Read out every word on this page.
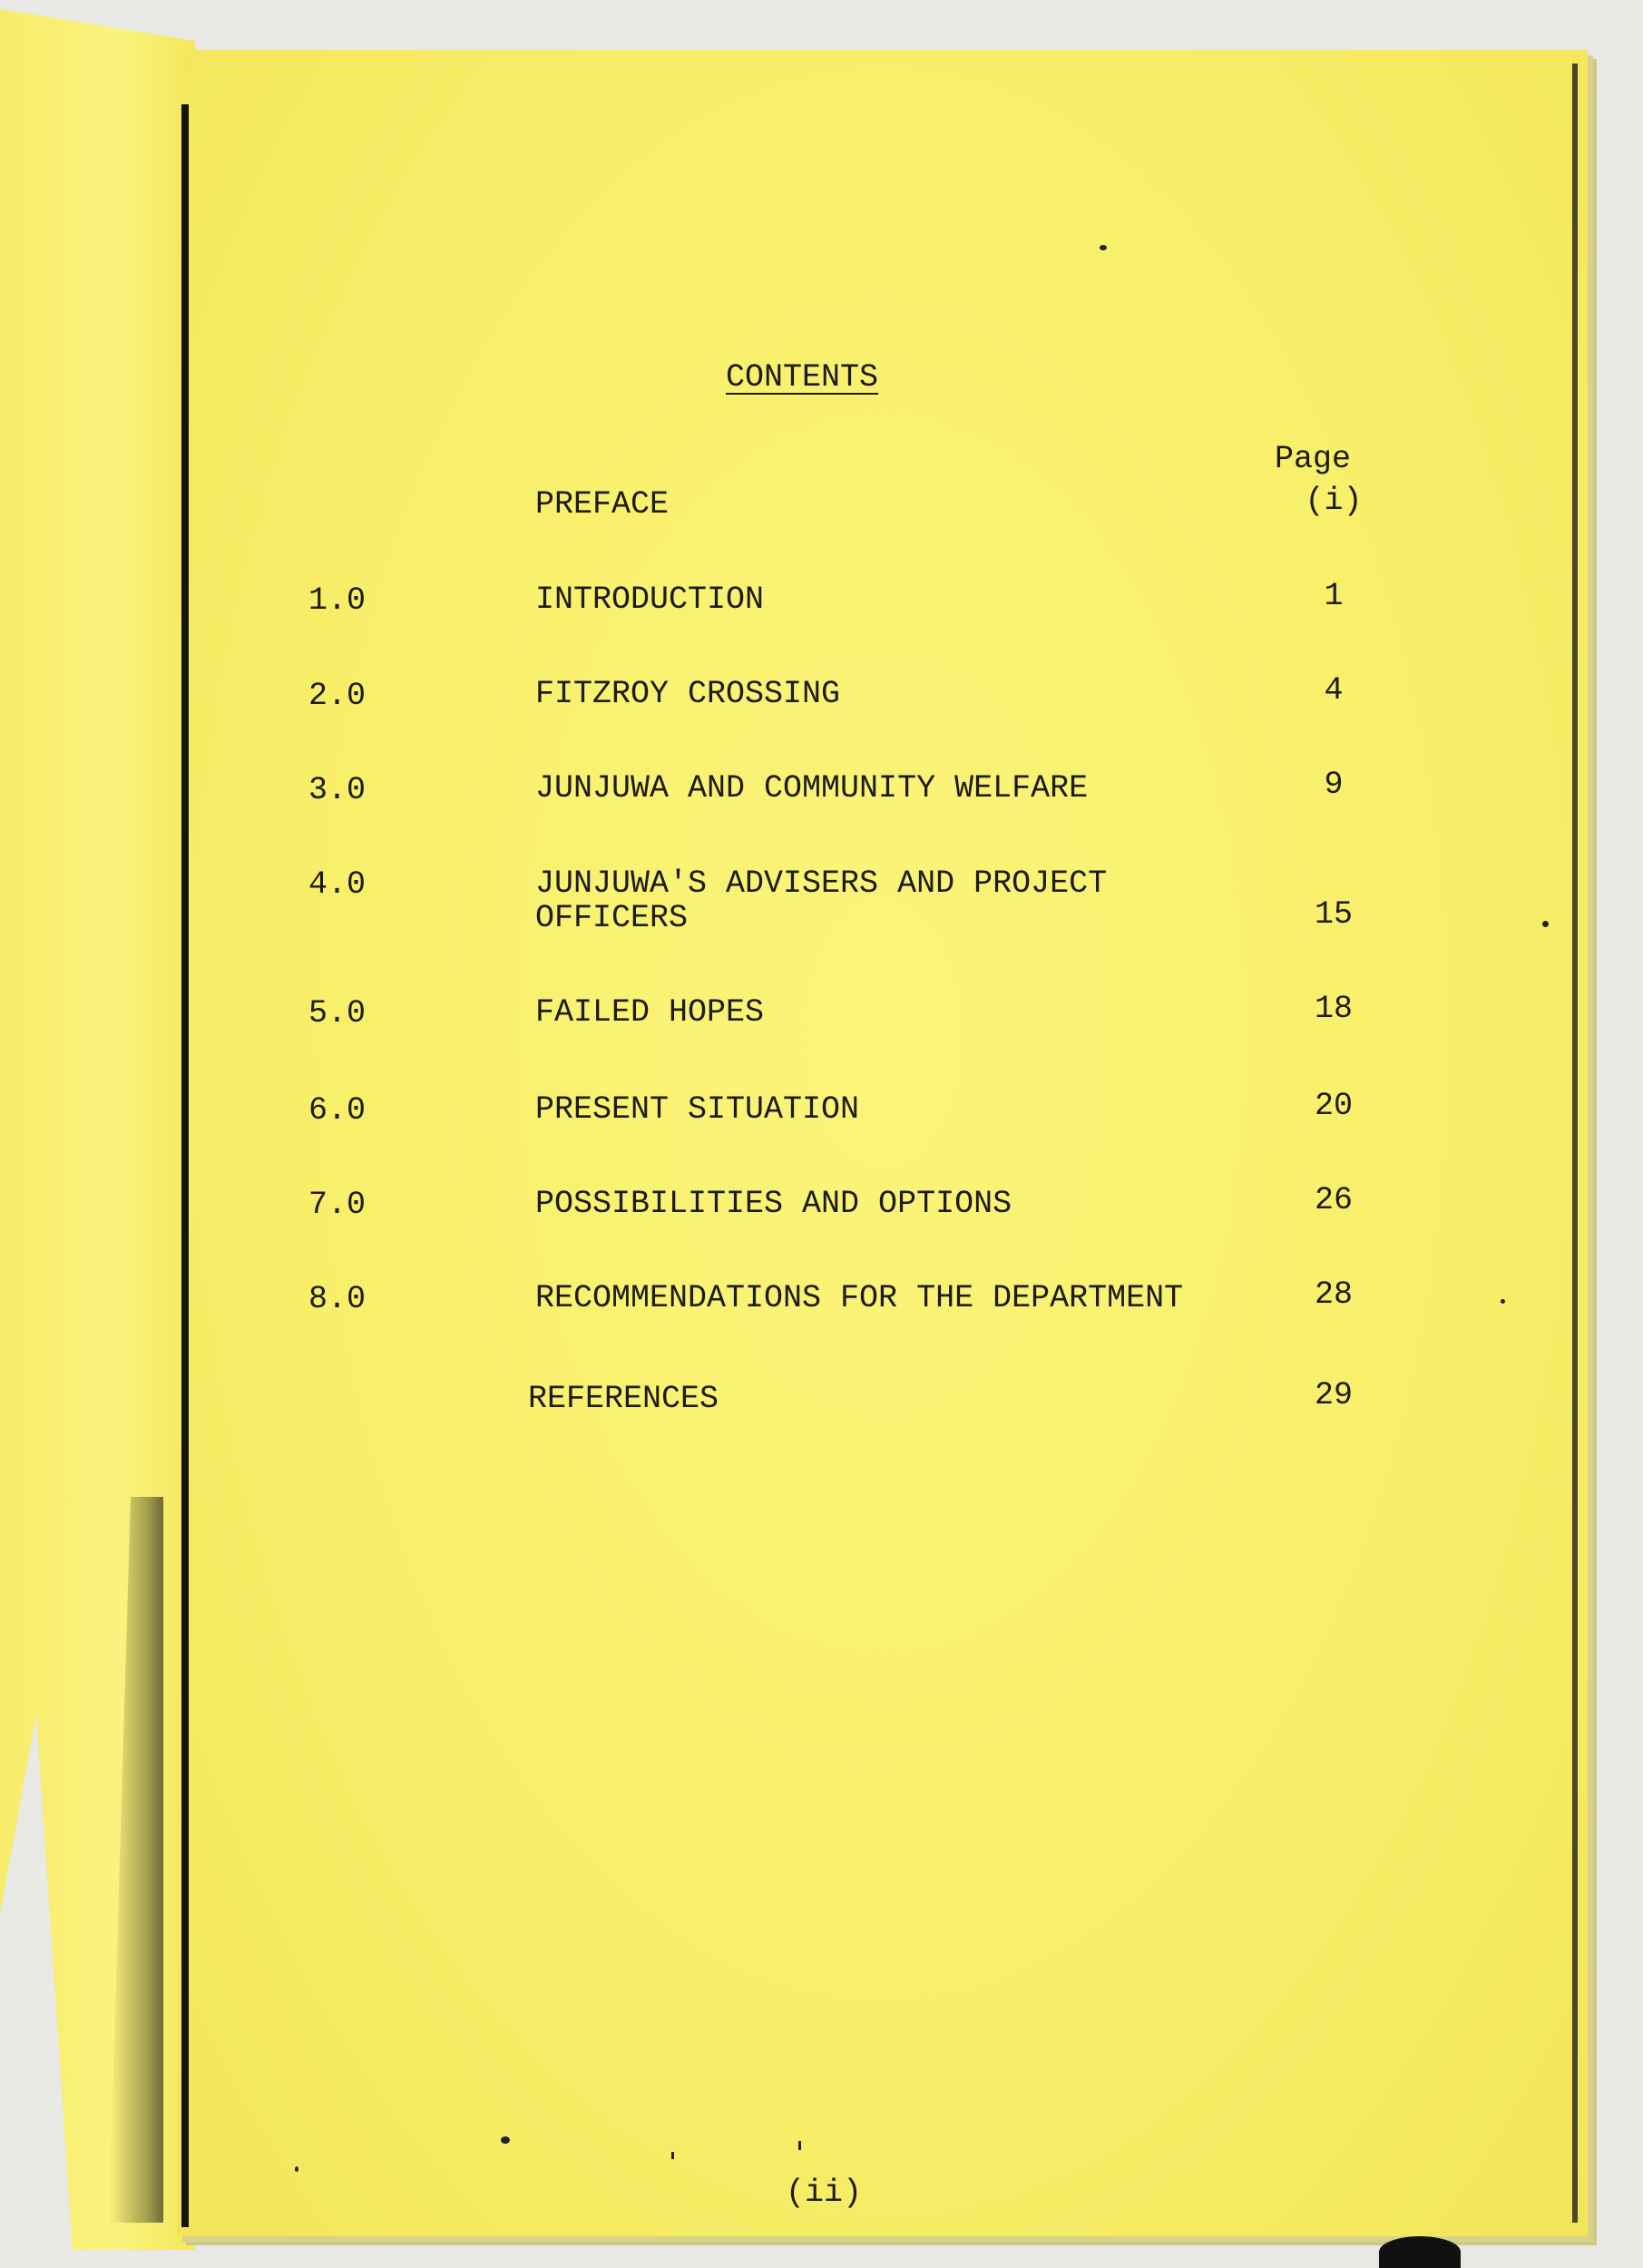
CONTENTS
Page
PREFACE	(i)
1.0	INTRODUCTION	1
2.0	FITZROY CROSSING	4
3.0	JUNJUWA AND COMMUNITY WELFARE	9
4.0	JUNJUWA'S ADVISERS AND PROJECT
OFFICERS	15
5.0	FAILED HOPES	18
6.0	PRESENT SITUATION	20
7.0	POSSIBILITIES AND OPTIONS	26
8.0	RECOMMENDATIONS FOR THE DEPARTMENT	28
REFERENCES	29
(ii)
